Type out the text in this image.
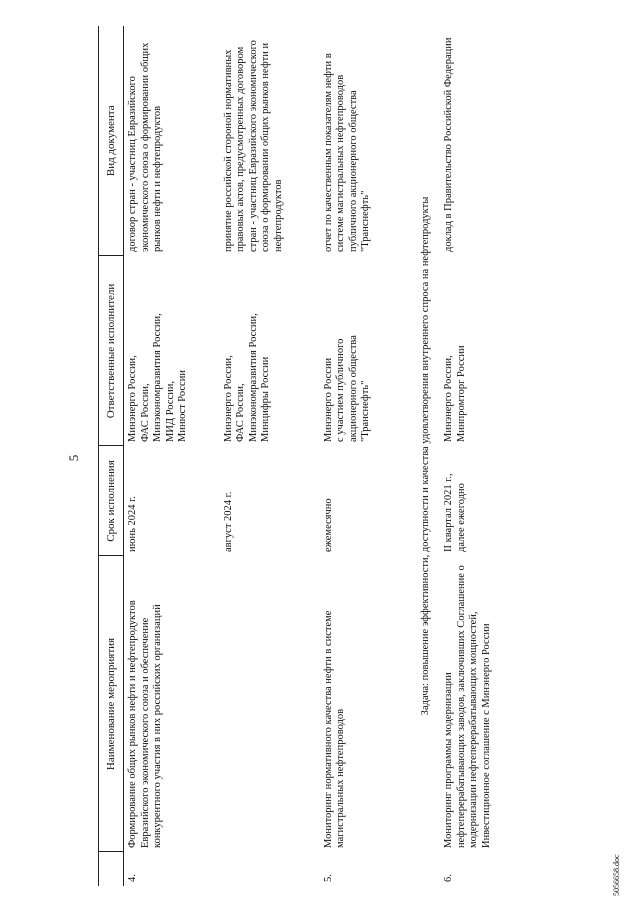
5
	Наименование мероприятия	Срок исполнения	Ответственные исполнители	Вид документа
4.	Формирование общих рынков нефти и нефтепродуктов Евразийского экономического союза и обеспечение конкурентного участия в них российских организаций	июнь 2024 г.	Минэнерго России,
ФАС России,
Минэкономразвития России,
МИД России,
Минюст России	договор стран - участниц Евразийского экономического союза о формировании общих рынков нефти и нефтепродуктов
		август 2024 г.	Минэнерго России,
ФАС России,
Минэкономразвития России,
Минцифры России	принятие российской стороной нормативных правовых актов, предусмотренных договором стран - участниц Евразийского экономического союза о формировании общих рынков нефти и нефтепродуктов
5.	Мониторинг нормативного качества нефти в системе магистральных нефтепроводов	ежемесячно	Минэнерго России
с участием публичного
акционерного общества
"Транснефть"	отчет по качественным показателям нефти в системе магистральных нефтепроводов публичного акционерного общества "Транснефть"
Задача: повышение эффективности, доступности и качества удовлетворения внутреннего спроса на нефтепродукты				
6.	Мониторинг программы модернизации нефтеперерабатывающих заводов, заключивших Соглашение о модернизации нефтеперерабатывающих мощностей, Инвестиционное соглашение с Минэнерго России	II квартал 2021 г.,
далее ежегодно	Минэнерго России,
Минпромторг России	доклад в Правительство Российской Федерации
5056658.doc
